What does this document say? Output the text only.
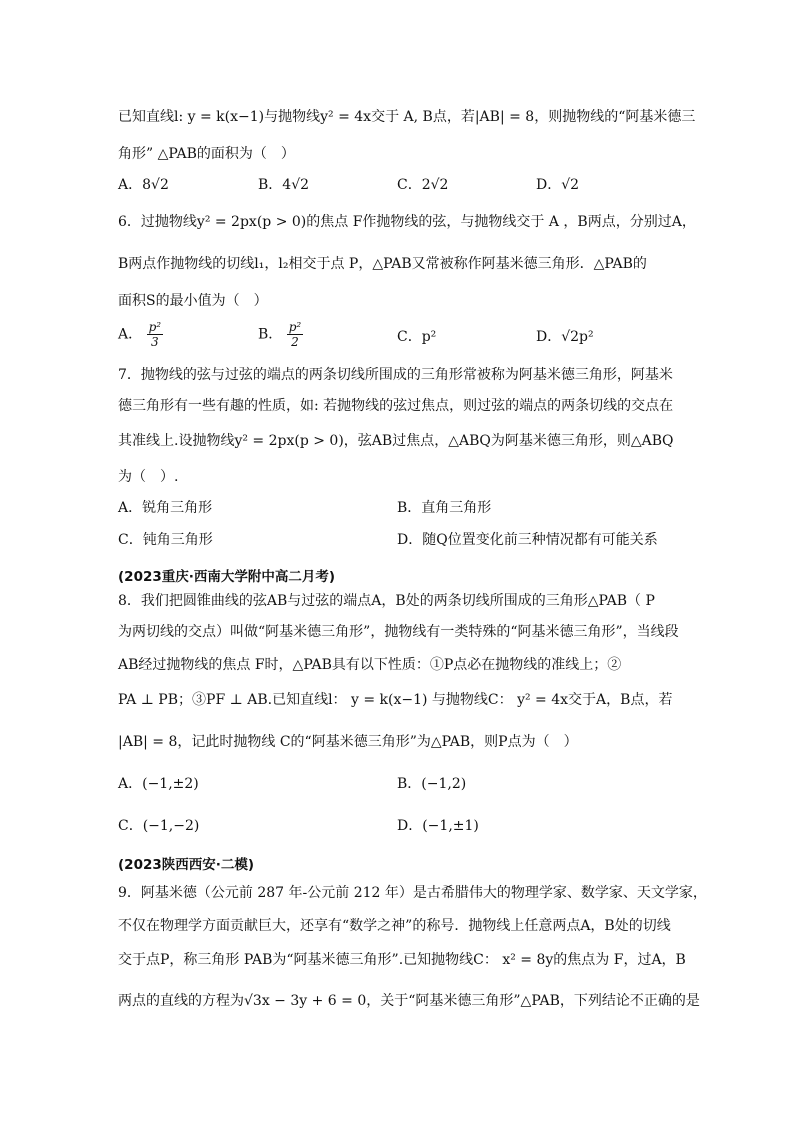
已知直线l: y = k(x−1)与抛物线y² = 4x交于 A, B点，若|AB| = 8，则抛物线的“阿基米德三
角形” △PAB的面积为（　）
A．8√2	B．4√2	C．2√2	D．√2
6．过抛物线y² = 2px(p > 0)的焦点 F作抛物线的弦，与抛物线交于 A ，B两点，分别过A，
B两点作抛物线的切线l₁，l₂相交于点 P，△PAB又常被称作阿基米德三角形．△PAB的
面积S的最小值为（　）
A． $\frac{\text{p²}}{3}$	B． $\frac{\text{p²}}{2}$	C．p²	D．√2p²
7．抛物线的弦与过弦的端点的两条切线所围成的三角形常被称为阿基米德三角形，阿基米
德三角形有一些有趣的性质，如: 若抛物线的弦过焦点，则过弦的端点的两条切线的交点在
其准线上.设抛物线y² = 2px(p > 0)，弦AB过焦点，△ABQ为阿基米德三角形，则△ABQ
为（　）.
A．锐角三角形	B．直角三角形
C．钝角三角形	D．随Q位置变化前三种情况都有可能关系
(2023重庆·西南大学附中高二月考)
8．我们把圆锥曲线的弦AB与过弦的端点A，B处的两条切线所围成的三角形△PAB（ P
为两切线的交点）叫做“阿基米德三角形”，抛物线有一类特殊的“阿基米德三角形”，当线段
AB经过抛物线的焦点 F时，△PAB具有以下性质：①P点必在抛物线的准线上；②
PA ⊥ PB；③PF ⊥ AB.已知直线l： y = k(x−1) 与抛物线C： y² = 4x交于A，B点，若
|AB| = 8，记此时抛物线 C的“阿基米德三角形”为△PAB，则P点为（　）
A．(−1,±2)	B．(−1,2)
C．(−1,−2)	D．(−1,±1)
(2023陕西西安·二模)
9．阿基米德（公元前 287 年-公元前 212 年）是古希腊伟大的物理学家、数学家、天文学家，
不仅在物理学方面贡献巨大，还享有“数学之神”的称号．抛物线上任意两点A，B处的切线
交于点P，称三角形 PAB为“阿基米德三角形”.已知抛物线C： x² = 8y的焦点为 F，过A，B
两点的直线的方程为√3x − 3y + 6 = 0，关于“阿基米德三角形”△PAB，下列结论不正确的是
